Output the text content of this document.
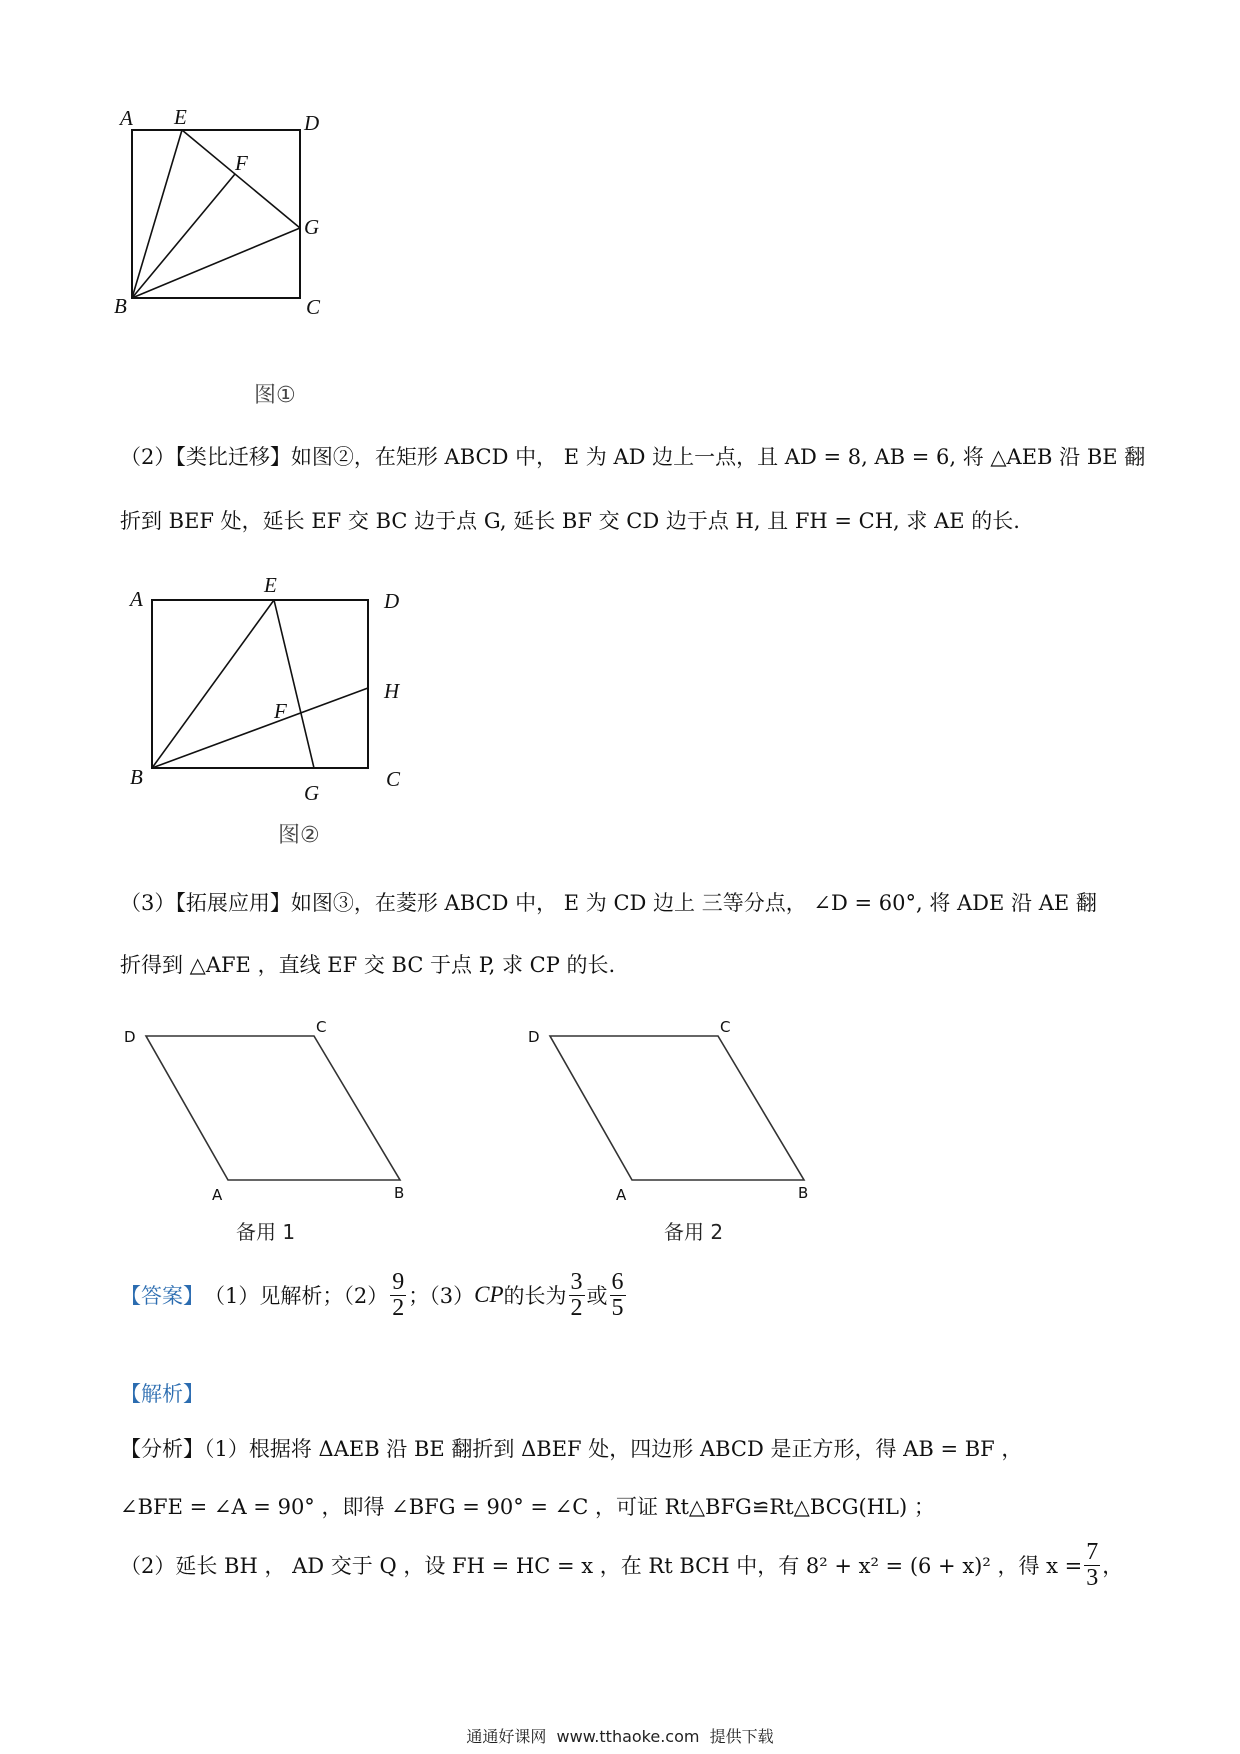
A E	D
F
G
B	C
图①
（2）【类比迁移】如图②，在矩形 ABCD 中， E 为 AD 边上一点，且 AD = 8, AB = 6, 将 △AEB 沿 BE 翻
折到 BEF 处，延长 EF 交 BC 边于点 G, 延长 BF 交 CD 边于点 H, 且 FH = CH, 求 AE 的长.
A
E
D
H
F
B
G
C
图②
（3）【拓展应用】如图③，在菱形 ABCD 中， E 为 CD 边上 三等分点， ∠D = 60°, 将 ADE 沿 AE 翻
折得到 △AFE ，直线 EF 交 BC 于点 P, 求 CP 的长.
D
C
A	B
备用 1
D
C
A	B
备用 2
【答案】 （1）见解析；$(2) \frac{9}{2}$ ；（3） CP 的长为 $\frac{3}{2}$ 或 $\frac{6}{5}$
【解析】
【分析】（1）根据将 ΔAEB 沿 BE 翻折到 ΔBEF 处，四边形 ABCD 是正方形，得 AB = BF ，
∠BFE = ∠A = 90° ，即得 ∠BFG = 90° = ∠C ，可证 Rt△BFG≌Rt△BCG(HL) ；
（2）延长 BH ， AD 交于 Q ，设 FH = HC = x ，在 Rt BCH 中，有 8² + x² = (6 + x)² ，得 $x = \frac{7}{3}$ ，
通通好课网  www.tthaoke.com  提供下载
